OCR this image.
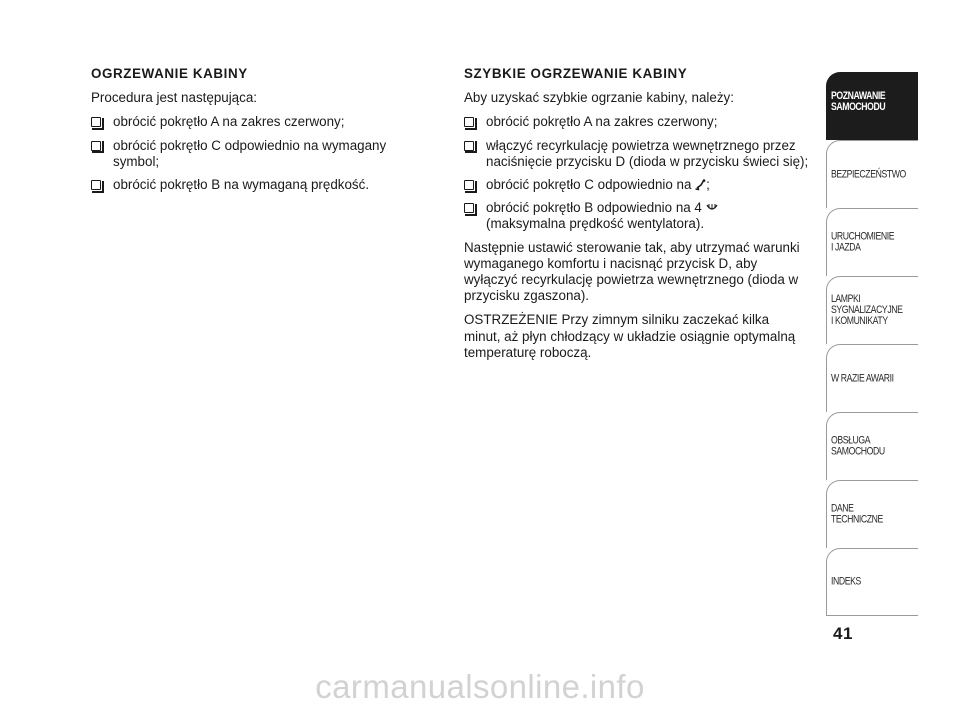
OGRZEWANIE KABINY
Procedura jest następująca:
obrócić pokrętło A na zakres czerwony;
obrócić pokrętło C odpowiednio na wymagany symbol;
obrócić pokrętło B na wymaganą prędkość.
SZYBKIE OGRZEWANIE KABINY
Aby uzyskać szybkie ogrzanie kabiny, należy:
obrócić pokrętło A na zakres czerwony;
włączyć recyrkulację powietrza wewnętrznego przez naciśnięcie przycisku D (dioda w przycisku świeci się);
obrócić pokrętło C odpowiednio na ;
obrócić pokrętło B odpowiednio na 4
(maksymalna prędkość wentylatora).
Następnie ustawić sterowanie tak, aby utrzymać warunki wymaganego komfortu i nacisnąć przycisk D, aby wyłączyć recyrkulację powietrza wewnętrznego (dioda w przycisku zgaszona).
OSTRZEŻENIE Przy zimnym silniku zaczekać kilka minut, aż płyn chłodzący w układzie osiągnie optymalną temperaturę roboczą.
POZNAWANIE
SAMOCHODU
BEZPIECZEŃSTWO
URUCHOMIENIE
I JAZDA
LAMPKI
SYGNALIZACYJNE
I KOMUNIKATY
W RAZIE AWARII
OBSŁUGA
SAMOCHODU
DANE
TECHNICZNE
INDEKS
41
carmanualsonline.info
